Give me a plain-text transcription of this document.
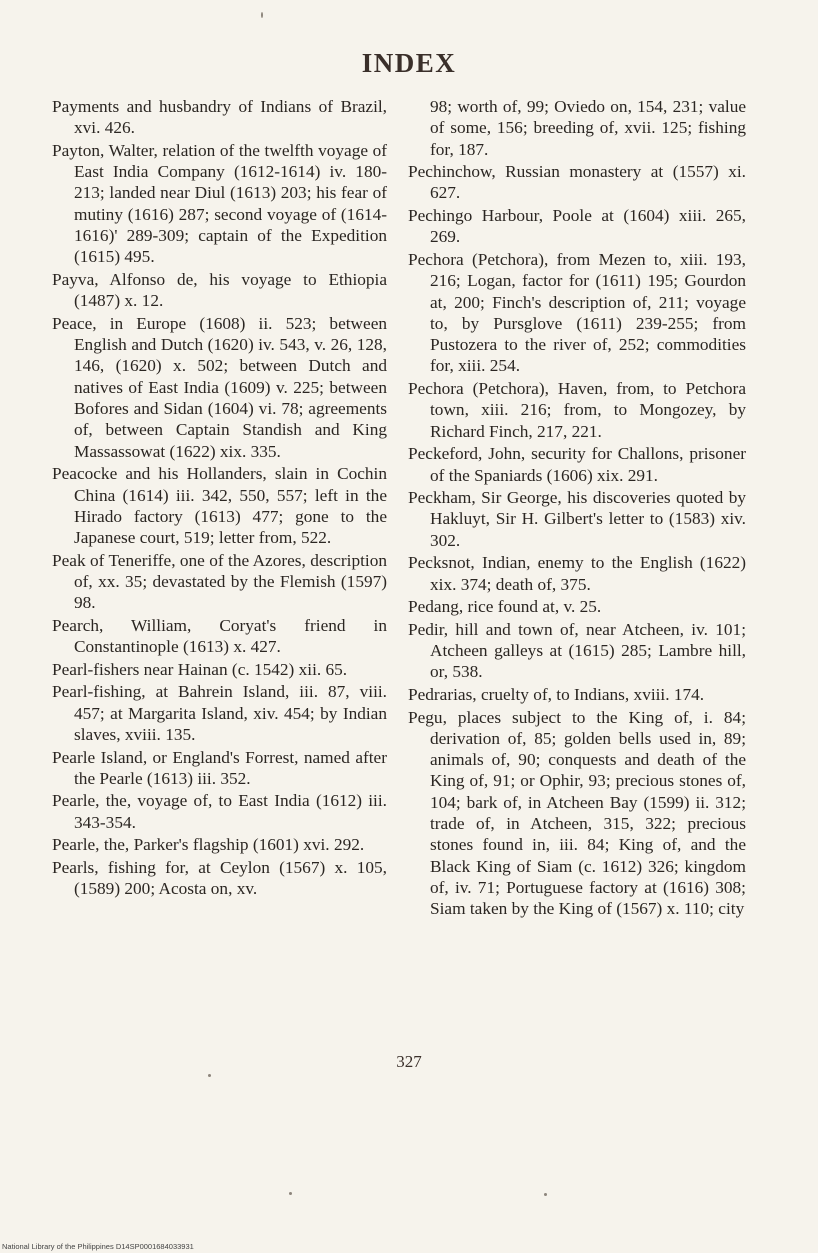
INDEX

Payments and husbandry of Indians of Brazil, xvi. 426.

Payton, Walter, relation of the twelfth voyage of East India Company (1612-1614) iv. 180-213; landed near Diul (1613) 203; his fear of mutiny (1616) 287; second voyage of (1614-1616)' 289-309; captain of the Expedition (1615) 495.

Payva, Alfonso de, his voyage to Ethiopia (1487) x. 12.

Peace, in Europe (1608) ii. 523; between English and Dutch (1620) iv. 543, v. 26, 128, 146, (1620) x. 502; between Dutch and natives of East India (1609) v. 225; between Bofores and Sidan (1604) vi. 78; agreements of, between Captain Standish and King Massassowat (1622) xix. 335.

Peacocke and his Hollanders, slain in Cochin China (1614) iii. 342, 550, 557; left in the Hirado factory (1613) 477; gone to the Japanese court, 519; letter from, 522.

Peak of Teneriffe, one of the Azores, description of, xx. 35; devastated by the Flemish (1597) 98.

Pearch, William, Coryat's friend in Constantinople (1613) x. 427.

Pearl-fishers near Hainan (c. 1542) xii. 65.

Pearl-fishing, at Bahrein Island, iii. 87, viii. 457; at Margarita Island, xiv. 454; by Indian slaves, xviii. 135.

Pearle Island, or England's Forrest, named after the Pearle (1613) iii. 352.

Pearle, the, voyage of, to East India (1612) iii. 343-354.

Pearle, the, Parker's flagship (1601) xvi. 292.

Pearls, fishing for, at Ceylon (1567) x. 105, (1589) 200; Acosta on, xv.

98; worth of, 99; Oviedo on, 154, 231; value of some, 156; breeding of, xvii. 125; fishing for, 187.

Pechinchow, Russian monastery at (1557) xi. 627.

Pechingo Harbour, Poole at (1604) xiii. 265, 269.

Pechora (Petchora), from Mezen to, xiii. 193, 216; Logan, factor for (1611) 195; Gourdon at, 200; Finch's description of, 211; voyage to, by Pursglove (1611) 239-255; from Pustozera to the river of, 252; commodities for, xiii. 254.

Pechora (Petchora), Haven, from, to Petchora town, xiii. 216; from, to Mongozey, by Richard Finch, 217, 221.

Peckeford, John, security for Challons, prisoner of the Spaniards (1606) xix. 291.

Peckham, Sir George, his discoveries quoted by Hakluyt, Sir H. Gilbert's letter to (1583) xiv. 302.

Pecksnot, Indian, enemy to the English (1622) xix. 374; death of, 375.

Pedang, rice found at, v. 25.

Pedir, hill and town of, near Atcheen, iv. 101; Atcheen galleys at (1615) 285; Lambre hill, or, 538.

Pedrarias, cruelty of, to Indians, xviii. 174.

Pegu, places subject to the King of, i. 84; derivation of, 85; golden bells used in, 89; animals of, 90; conquests and death of the King of, 91; or Ophir, 93; precious stones of, 104; bark of, in Atcheen Bay (1599) ii. 312; trade of, in Atcheen, 315, 322; precious stones found in, iii. 84; King of, and the Black King of Siam (c. 1612) 326; kingdom of, iv. 71; Portuguese factory at (1616) 308; Siam taken by the King of (1567) x. 110; city

327
National Library of the Philippines D14SP0001684033931
